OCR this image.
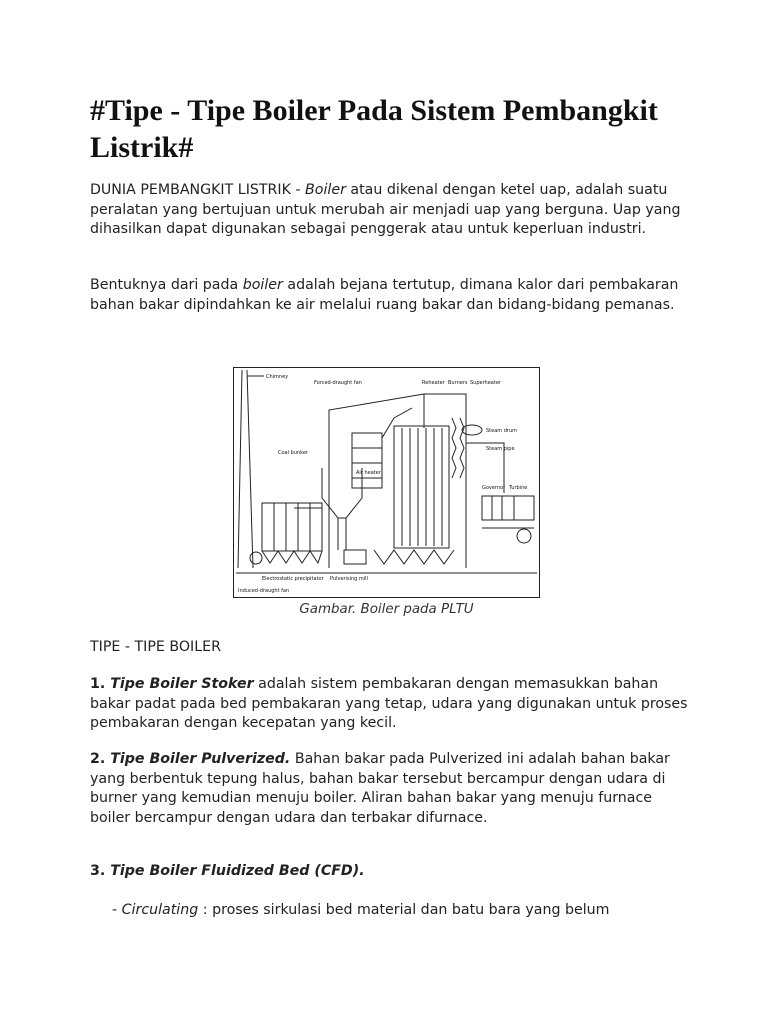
#Tipe - Tipe Boiler Pada Sistem Pembangkit Listrik#

DUNIA PEMBANGKIT LISTRIK - Boiler atau dikenal dengan ketel uap, adalah suatu peralatan yang bertujuan untuk merubah air menjadi uap yang berguna. Uap yang dihasilkan dapat digunakan sebagai penggerak atau untuk keperluan industri.

Bentuknya dari pada boiler adalah bejana tertutup, dimana kalor dari pembakaran bahan bakar dipindahkan ke air melalui ruang bakar dan bidang-bidang pemanas.

Chimney
Forced-draught fan	Reheater Burners Superheater
Steam drum
Steam pipe
Coal bunker
Air heater
Governor Turbine
Electrostatic precipitator Pulverising mill
Induced-draught fan
Gambar. Boiler pada PLTU
TIPE - TIPE BOILER

1. Tipe Boiler Stoker adalah sistem pembakaran dengan memasukkan bahan bakar padat pada bed pembakaran yang tetap, udara yang digunakan untuk proses pembakaran dengan kecepatan yang kecil.

2. Tipe Boiler Pulverized. Bahan bakar pada Pulverized ini adalah bahan bakar yang berbentuk tepung halus, bahan bakar tersebut bercampur dengan udara di burner yang kemudian menuju boiler. Aliran bahan bakar yang menuju furnace boiler bercampur dengan udara dan terbakar difurnace.

3. Tipe Boiler Fluidized Bed (CFD).

- Circulating : proses sirkulasi bed material dan batu bara yang belum
